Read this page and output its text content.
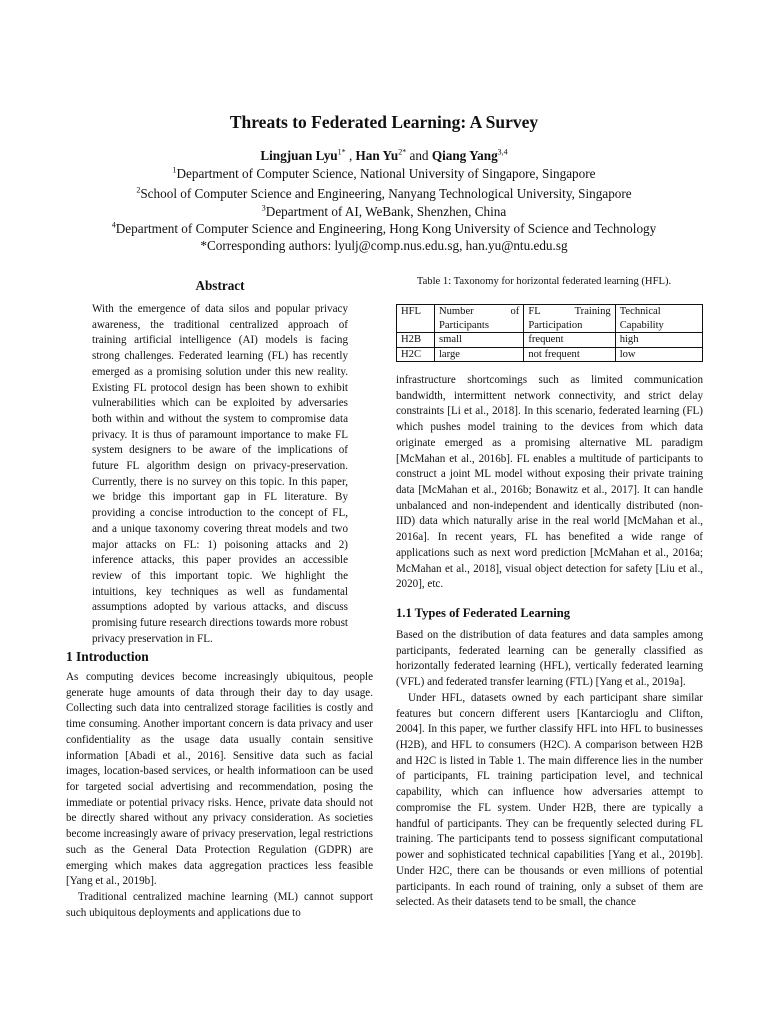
Threats to Federated Learning: A Survey
Lingjuan Lyu$^{1*}$ , Han $Yu^{2*}$ and Qiang Yang$^{3,4}$
$^1$Department of Computer Science, National University of Singapore, Singapore
$^2$School of Computer Science and Engineering, Nanyang Technological University, Singapore
$^3$Department of AI, WeBank, Shenzhen, China
$^4$Department of Computer Science and Engineering, Hong Kong University of Science and Technology
*Corresponding authors: lyulj@comp.nus.edu.sg, han.yu@ntu.edu.sg
Abstract
With the emergence of data silos and popular privacy awareness, the traditional centralized approach of training artificial intelligence (AI) models is facing strong challenges. Federated learning (FL) has recently emerged as a promising solution under this new reality. Existing FL protocol design has been shown to exhibit vulnerabilities which can be exploited by adversaries both within and without the system to compromise data privacy. It is thus of paramount importance to make FL system designers to be aware of the implications of future FL algorithm design on privacy-preservation. Currently, there is no survey on this topic. In this paper, we bridge this important gap in FL literature. By providing a concise introduction to the concept of FL, and a unique taxonomy covering threat models and two major attacks on FL: 1) poisoning attacks and 2) inference attacks, this paper provides an accessible review of this important topic. We highlight the intuitions, key techniques as well as fundamental assumptions adopted by various attacks, and discuss promising future research directions towards more robust privacy preservation in FL.
1 Introduction

As computing devices become increasingly ubiquitous, people generate huge amounts of data through their day to day usage. Collecting such data into centralized storage facilities is costly and time consuming. Another important concern is data privacy and user confidentiality as the usage data usually contain sensitive information [Abadi et al., 2016]. Sensitive data such as facial images, location-based services, or health informatioon can be used for targeted social advertising and recommendation, posing the immediate or potential privacy risks. Hence, private data should not be directly shared without any privacy consideration. As societies become increasingly aware of privacy preservation, legal restrictions such as the General Data Protection Regulation (GDPR) are emerging which makes data aggregation practices less feasible [Yang et al., 2019b].

Traditional centralized machine learning (ML) cannot support such ubiquitous deployments and applications due to

Table 1: Taxonomy for horizontal federated learning (HFL).
HFL	Number of Participants	FL Training Participation	Technical Capability
H2B	small	frequent	high
H2C	large	not frequent	low

infrastructure shortcomings such as limited communication bandwidth, intermittent network connectivity, and strict delay constraints [Li et al., 2018]. In this scenario, federated learning (FL) which pushes model training to the devices from which data originate emerged as a promising alternative ML paradigm [McMahan et al., 2016b]. FL enables a multitude of participants to construct a joint ML model without exposing their private training data [McMahan et al., 2016b; Bonawitz et al., 2017]. It can handle unbalanced and non-independent and identically distributed (non-IID) data which naturally arise in the real world [McMahan et al., 2016a]. In recent years, FL has benefited a wide range of applications such as next word prediction [McMahan et al., 2016a; McMahan et al., 2018], visual object detection for safety [Liu et al., 2020], etc.

1.1 Types of Federated Learning

Based on the distribution of data features and data samples among participants, federated learning can be generally classified as horizontally federated learning (HFL), vertically federated learning (VFL) and federated transfer learning (FTL) [Yang et al., 2019a].

Under HFL, datasets owned by each participant share similar features but concern different users [Kantarcioglu and Clifton, 2004]. In this paper, we further classify HFL into HFL to businesses (H2B), and HFL to consumers (H2C). A comparison between H2B and H2C is listed in Table 1. The main difference lies in the number of participants, FL training participation level, and technical capability, which can influence how adversaries attempt to compromise the FL system. Under H2B, there are typically a handful of participants. They can be frequently selected during FL training. The participants tend to possess significant computational power and sophisticated technical capabilities [Yang et al., 2019b]. Under H2C, there can be thousands or even millions of potential participants. In each round of training, only a subset of them are selected. As their datasets tend to be small, the chance
